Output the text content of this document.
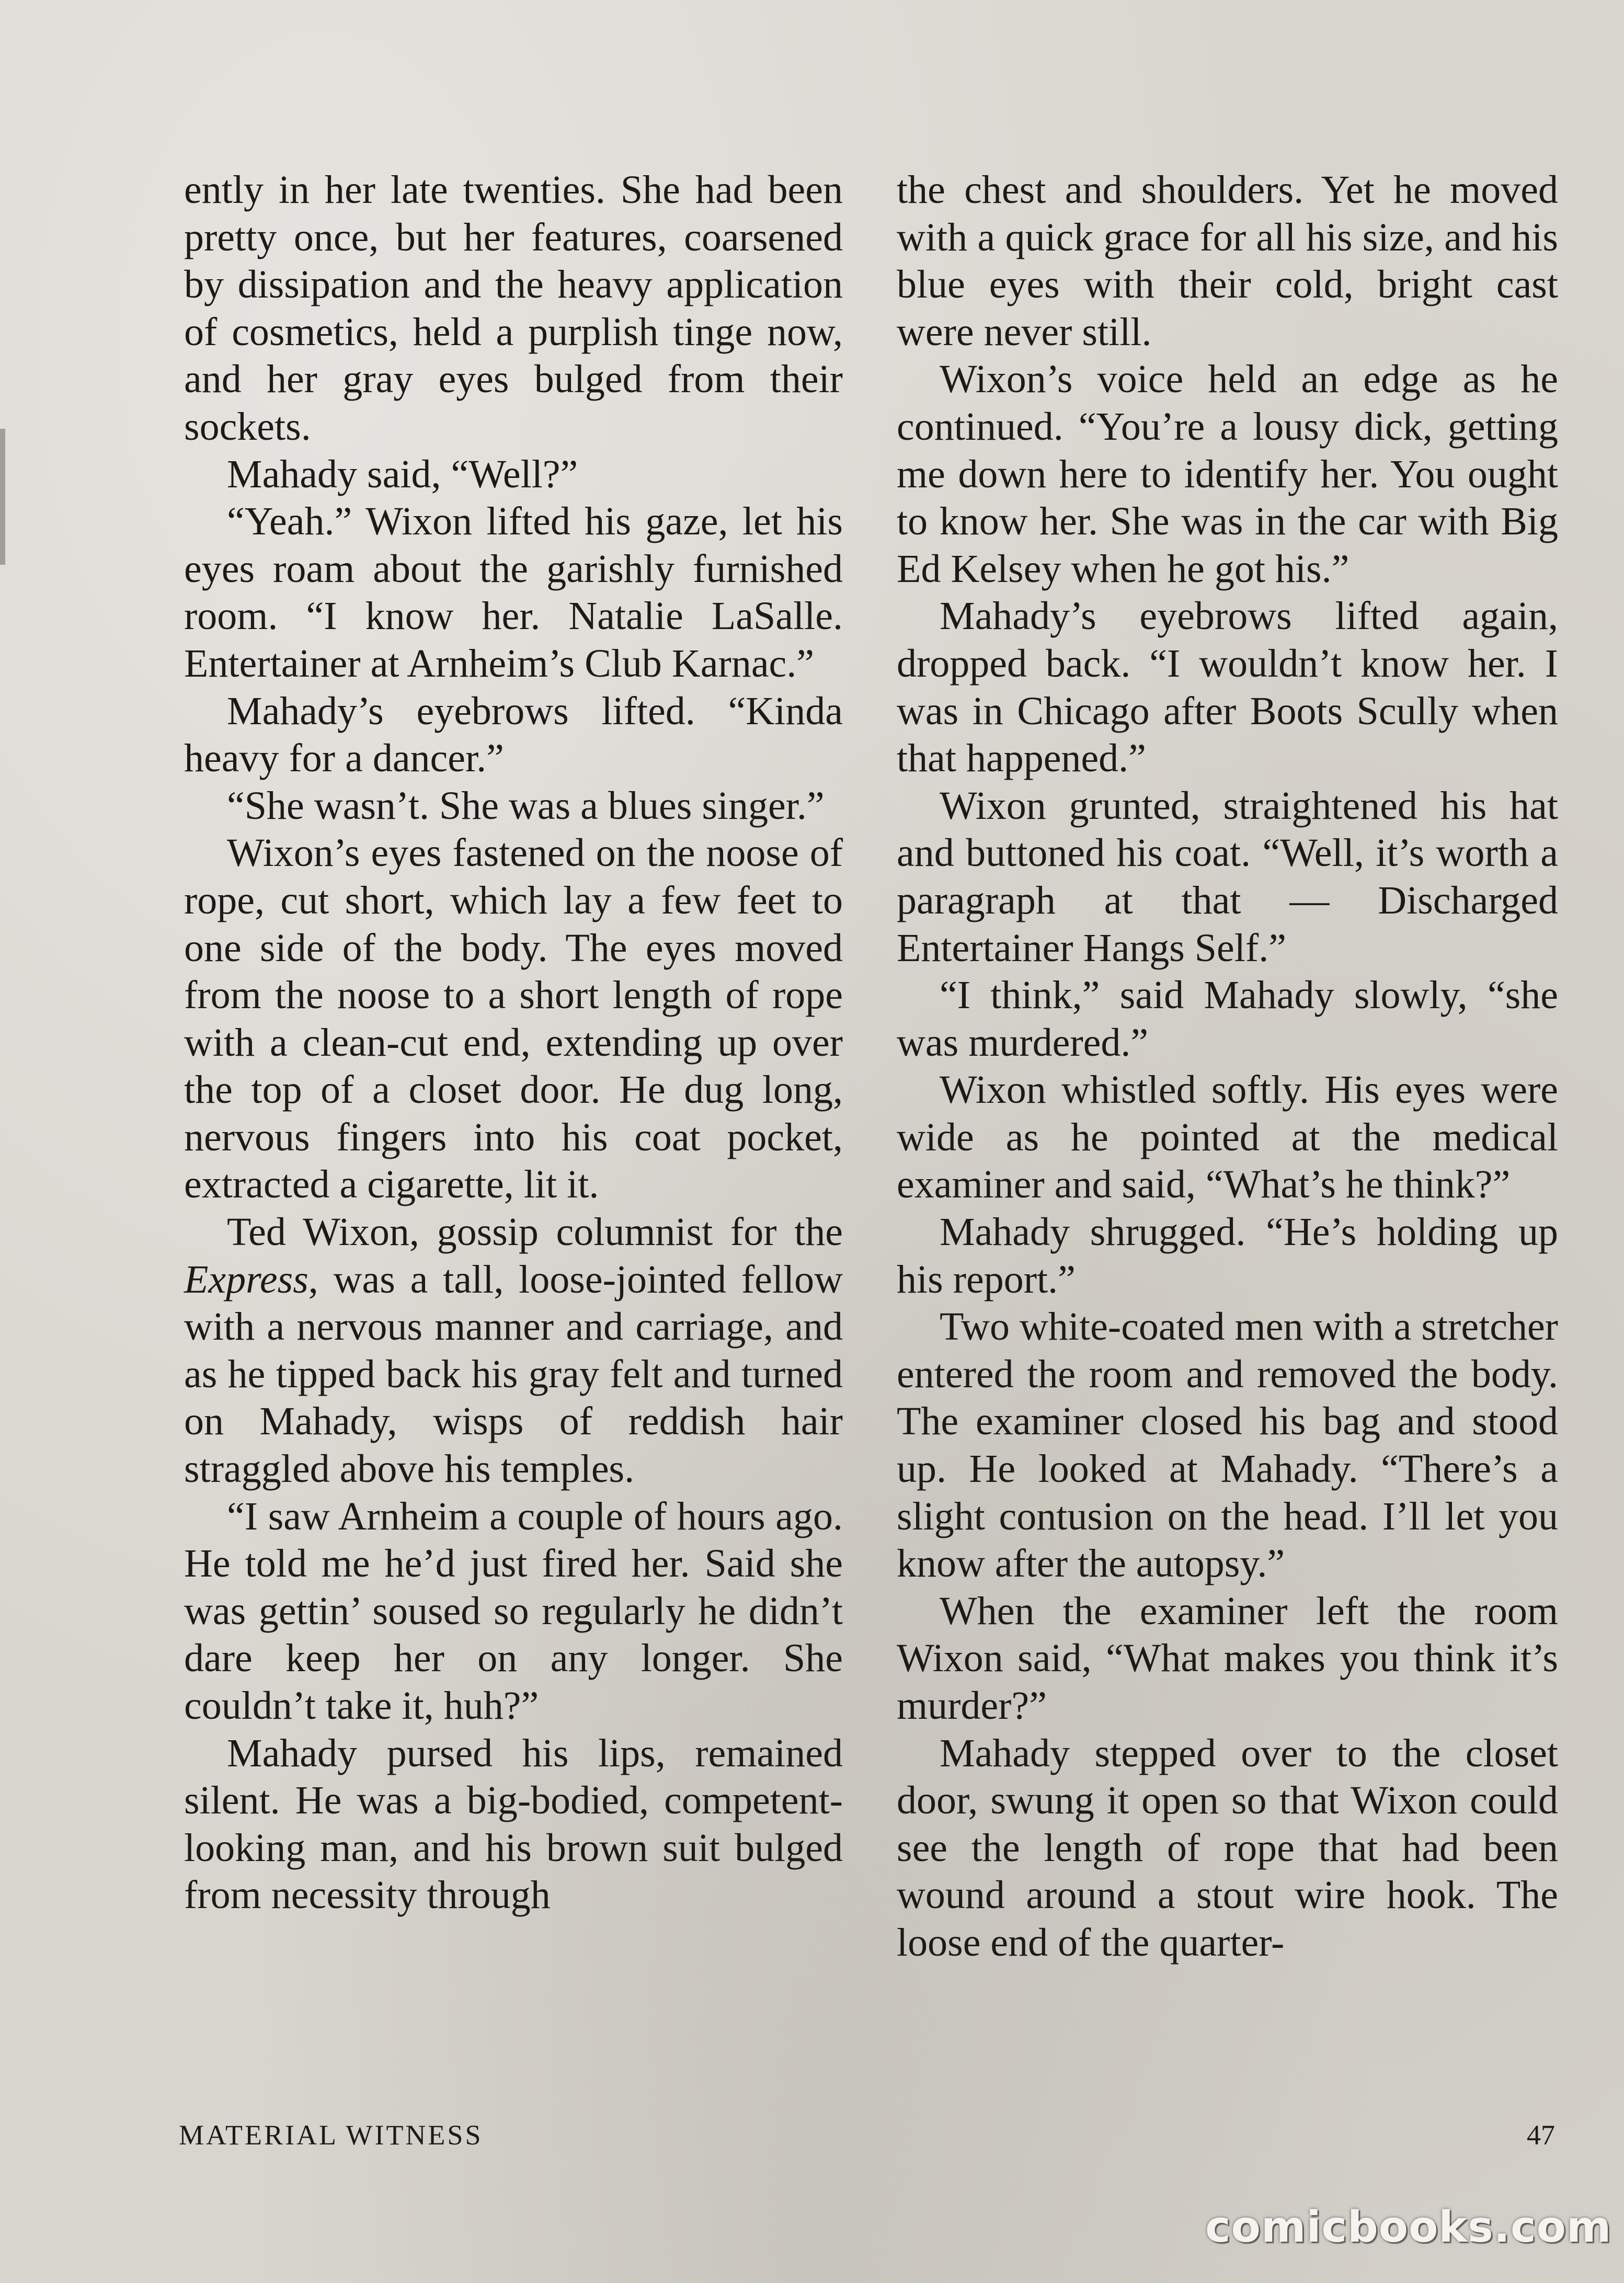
ently in her late twenties. She had been pretty once, but her features, coarsened by dissipation and the heavy application of cosmetics, held a purplish tinge now, and her gray eyes bulged from their sockets.

Mahady said, “Well?”

“Yeah.” Wixon lifted his gaze, let his eyes roam about the garishly furnished room. “I know her. Natalie LaSalle. Entertainer at Arnheim’s Club Karnac.”

Mahady’s eyebrows lifted. “Kinda heavy for a dancer.”

“She wasn’t. She was a blues singer.”

Wixon’s eyes fastened on the noose of rope, cut short, which lay a few feet to one side of the body. The eyes moved from the noose to a short length of rope with a clean-cut end, extending up over the top of a closet door. He dug long, nervous fingers into his coat pocket, extracted a cigarette, lit it.

Ted Wixon, gossip columnist for the Express, was a tall, loose-jointed fellow with a nervous manner and carriage, and as he tipped back his gray felt and turned on Mahady, wisps of reddish hair straggled above his temples.

“I saw Arnheim a couple of hours ago. He told me he’d just fired her. Said she was gettin’ soused so regularly he didn’t dare keep her on any longer. She couldn’t take it, huh?”

Mahady pursed his lips, remained silent. He was a big-bodied, competent-looking man, and his brown suit bulged from necessity through

the chest and shoulders. Yet he moved with a quick grace for all his size, and his blue eyes with their cold, bright cast were never still.

Wixon’s voice held an edge as he continued. “You’re a lousy dick, getting me down here to identify her. You ought to know her. She was in the car with Big Ed Kelsey when he got his.”

Mahady’s eyebrows lifted again, dropped back. “I wouldn’t know her. I was in Chicago after Boots Scully when that happened.”

Wixon grunted, straightened his hat and buttoned his coat. “Well, it’s worth a paragraph at that — Discharged Entertainer Hangs Self.”

“I think,” said Mahady slowly, “she was murdered.”

Wixon whistled softly. His eyes were wide as he pointed at the medical examiner and said, “What’s he think?”

Mahady shrugged. “He’s holding up his report.”

Two white-coated men with a stretcher entered the room and removed the body. The examiner closed his bag and stood up. He looked at Mahady. “There’s a slight contusion on the head. I’ll let you know after the autopsy.”

When the examiner left the room Wixon said, “What makes you think it’s murder?”

Mahady stepped over to the closet door, swung it open so that Wixon could see the length of rope that had been wound around a stout wire hook. The loose end of the quarter-

MATERIAL WITNESS	47
comicbooks.com
